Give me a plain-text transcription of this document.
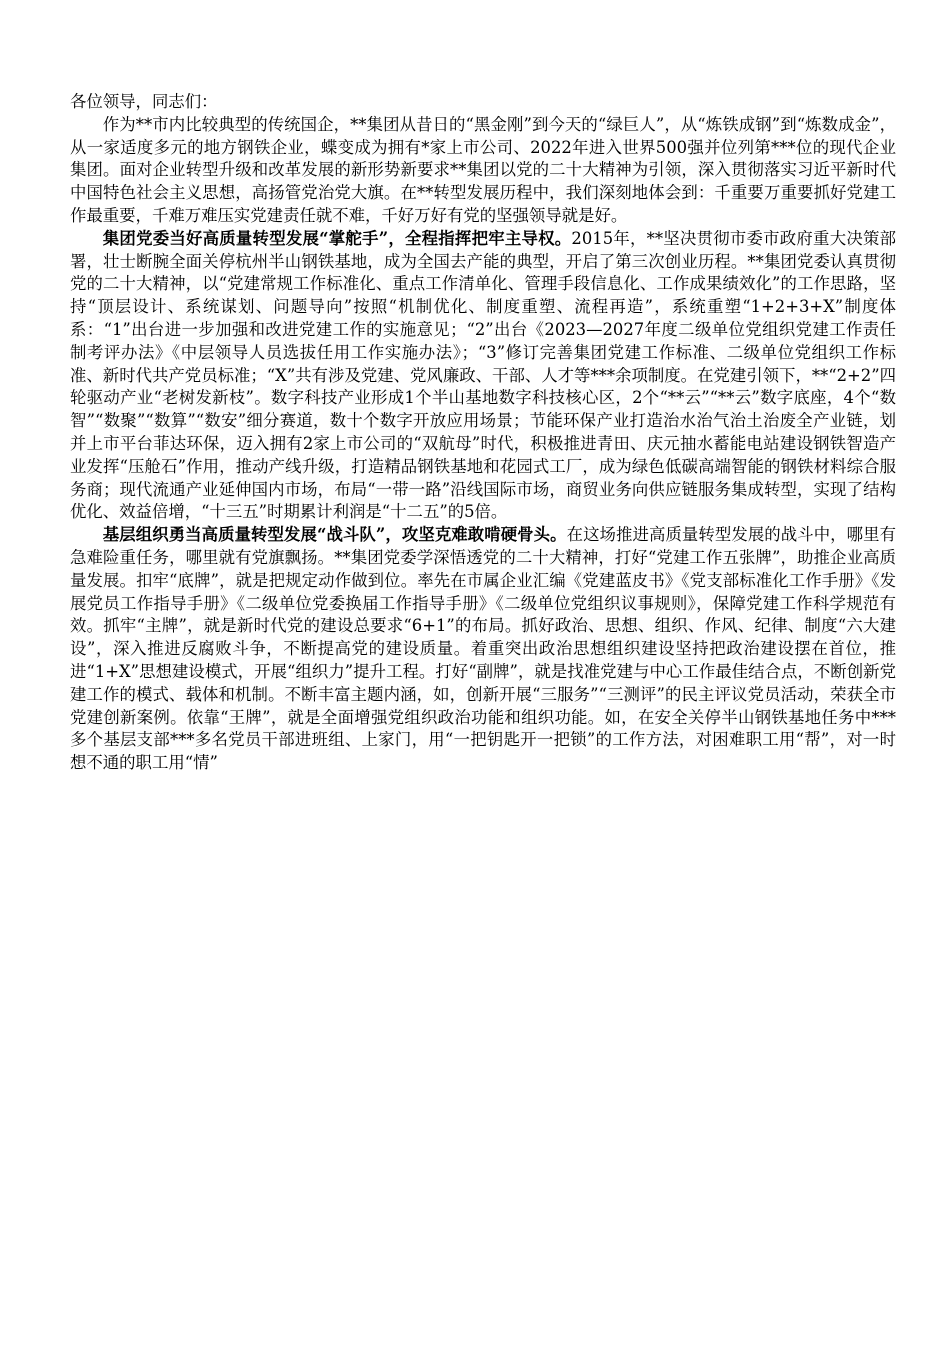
各位领导，同志们：

作为**市内比较典型的传统国企，**集团从昔日的“黑金刚”到今天的“绿巨人”，从“炼铁成钢”到“炼数成金”，从一家适度多元的地方钢铁企业，蝶变成为拥有*家上市公司、2022年进入世界500强并位列第***位的现代企业集团。面对企业转型升级和改革发展的新形势新要求**集团以党的二十大精神为引领，深入贯彻落实习近平新时代中国特色社会主义思想，高扬管党治党大旗。在**转型发展历程中，我们深刻地体会到：千重要万重要抓好党建工作最重要，千难万难压实党建责任就不难，千好万好有党的坚强领导就是好。

集团党委当好高质量转型发展“掌舵手”，全程指挥把牢主导权。2015年，**坚决贯彻市委市政府重大决策部署，壮士断腕全面关停杭州半山钢铁基地，成为全国去产能的典型，开启了第三次创业历程。**集团党委认真贯彻党的二十大精神，以“党建常规工作标准化、重点工作清单化、管理手段信息化、工作成果绩效化”的工作思路，坚持“顶层设计、系统谋划、问题导向”按照“机制优化、制度重塑、流程再造”，系统重塑“1+2+3+X”制度体系：“1”出台进一步加强和改进党建工作的实施意见；“2”出台《2023—2027年度二级单位党组织党建工作责任制考评办法》《中层领导人员选拔任用工作实施办法》；“3”修订完善集团党建工作标准、二级单位党组织工作标准、新时代共产党员标准；“X”共有涉及党建、党风廉政、干部、人才等***余项制度。在党建引领下，**“2+2”四轮驱动产业“老树发新枝”。数字科技产业形成1个半山基地数字科技核心区，2个“**云”“**云”数字底座，4个“数智”“数聚”“数算”“数安”细分赛道，数十个数字开放应用场景；节能环保产业打造治水治气治土治废全产业链，划并上市平台菲达环保，迈入拥有2家上市公司的“双航母”时代，积极推进青田、庆元抽水蓄能电站建设钢铁智造产业发挥“压舱石”作用，推动产线升级，打造精品钢铁基地和花园式工厂，成为绿色低碳高端智能的钢铁材料综合服务商；现代流通产业延伸国内市场，布局“一带一路”沿线国际市场，商贸业务向供应链服务集成转型，实现了结构优化、效益倍增，“十三五”时期累计利润是“十二五”的5倍。

基层组织勇当高质量转型发展“战斗队”，攻坚克难敢啃硬骨头。在这场推进高质量转型发展的战斗中，哪里有急难险重任务，哪里就有党旗飘扬。**集团党委学深悟透党的二十大精神，打好“党建工作五张牌”，助推企业高质量发展。扣牢“底牌”，就是把规定动作做到位。率先在市属企业汇编《党建蓝皮书》《党支部标准化工作手册》《发展党员工作指导手册》《二级单位党委换届工作指导手册》《二级单位党组织议事规则》，保障党建工作科学规范有效。抓牢“主牌”，就是新时代党的建设总要求“6+1”的布局。抓好政治、思想、组织、作风、纪律、制度“六大建设”，深入推进反腐败斗争，不断提高党的建设质量。着重突出政治思想组织建设坚持把政治建设摆在首位，推进“1+X”思想建设模式，开展“组织力”提升工程。打好“副牌”，就是找准党建与中心工作最佳结合点，不断创新党建工作的模式、载体和机制。不断丰富主题内涵，如，创新开展“三服务”“三测评”的民主评议党员活动，荣获全市党建创新案例。依靠“王牌”，就是全面增强党组织政治功能和组织功能。如，在安全关停半山钢铁基地任务中***多个基层支部***多名党员干部进班组、上家门，用“一把钥匙开一把锁”的工作方法，对困难职工用“帮”，对一时想不通的职工用“情”
